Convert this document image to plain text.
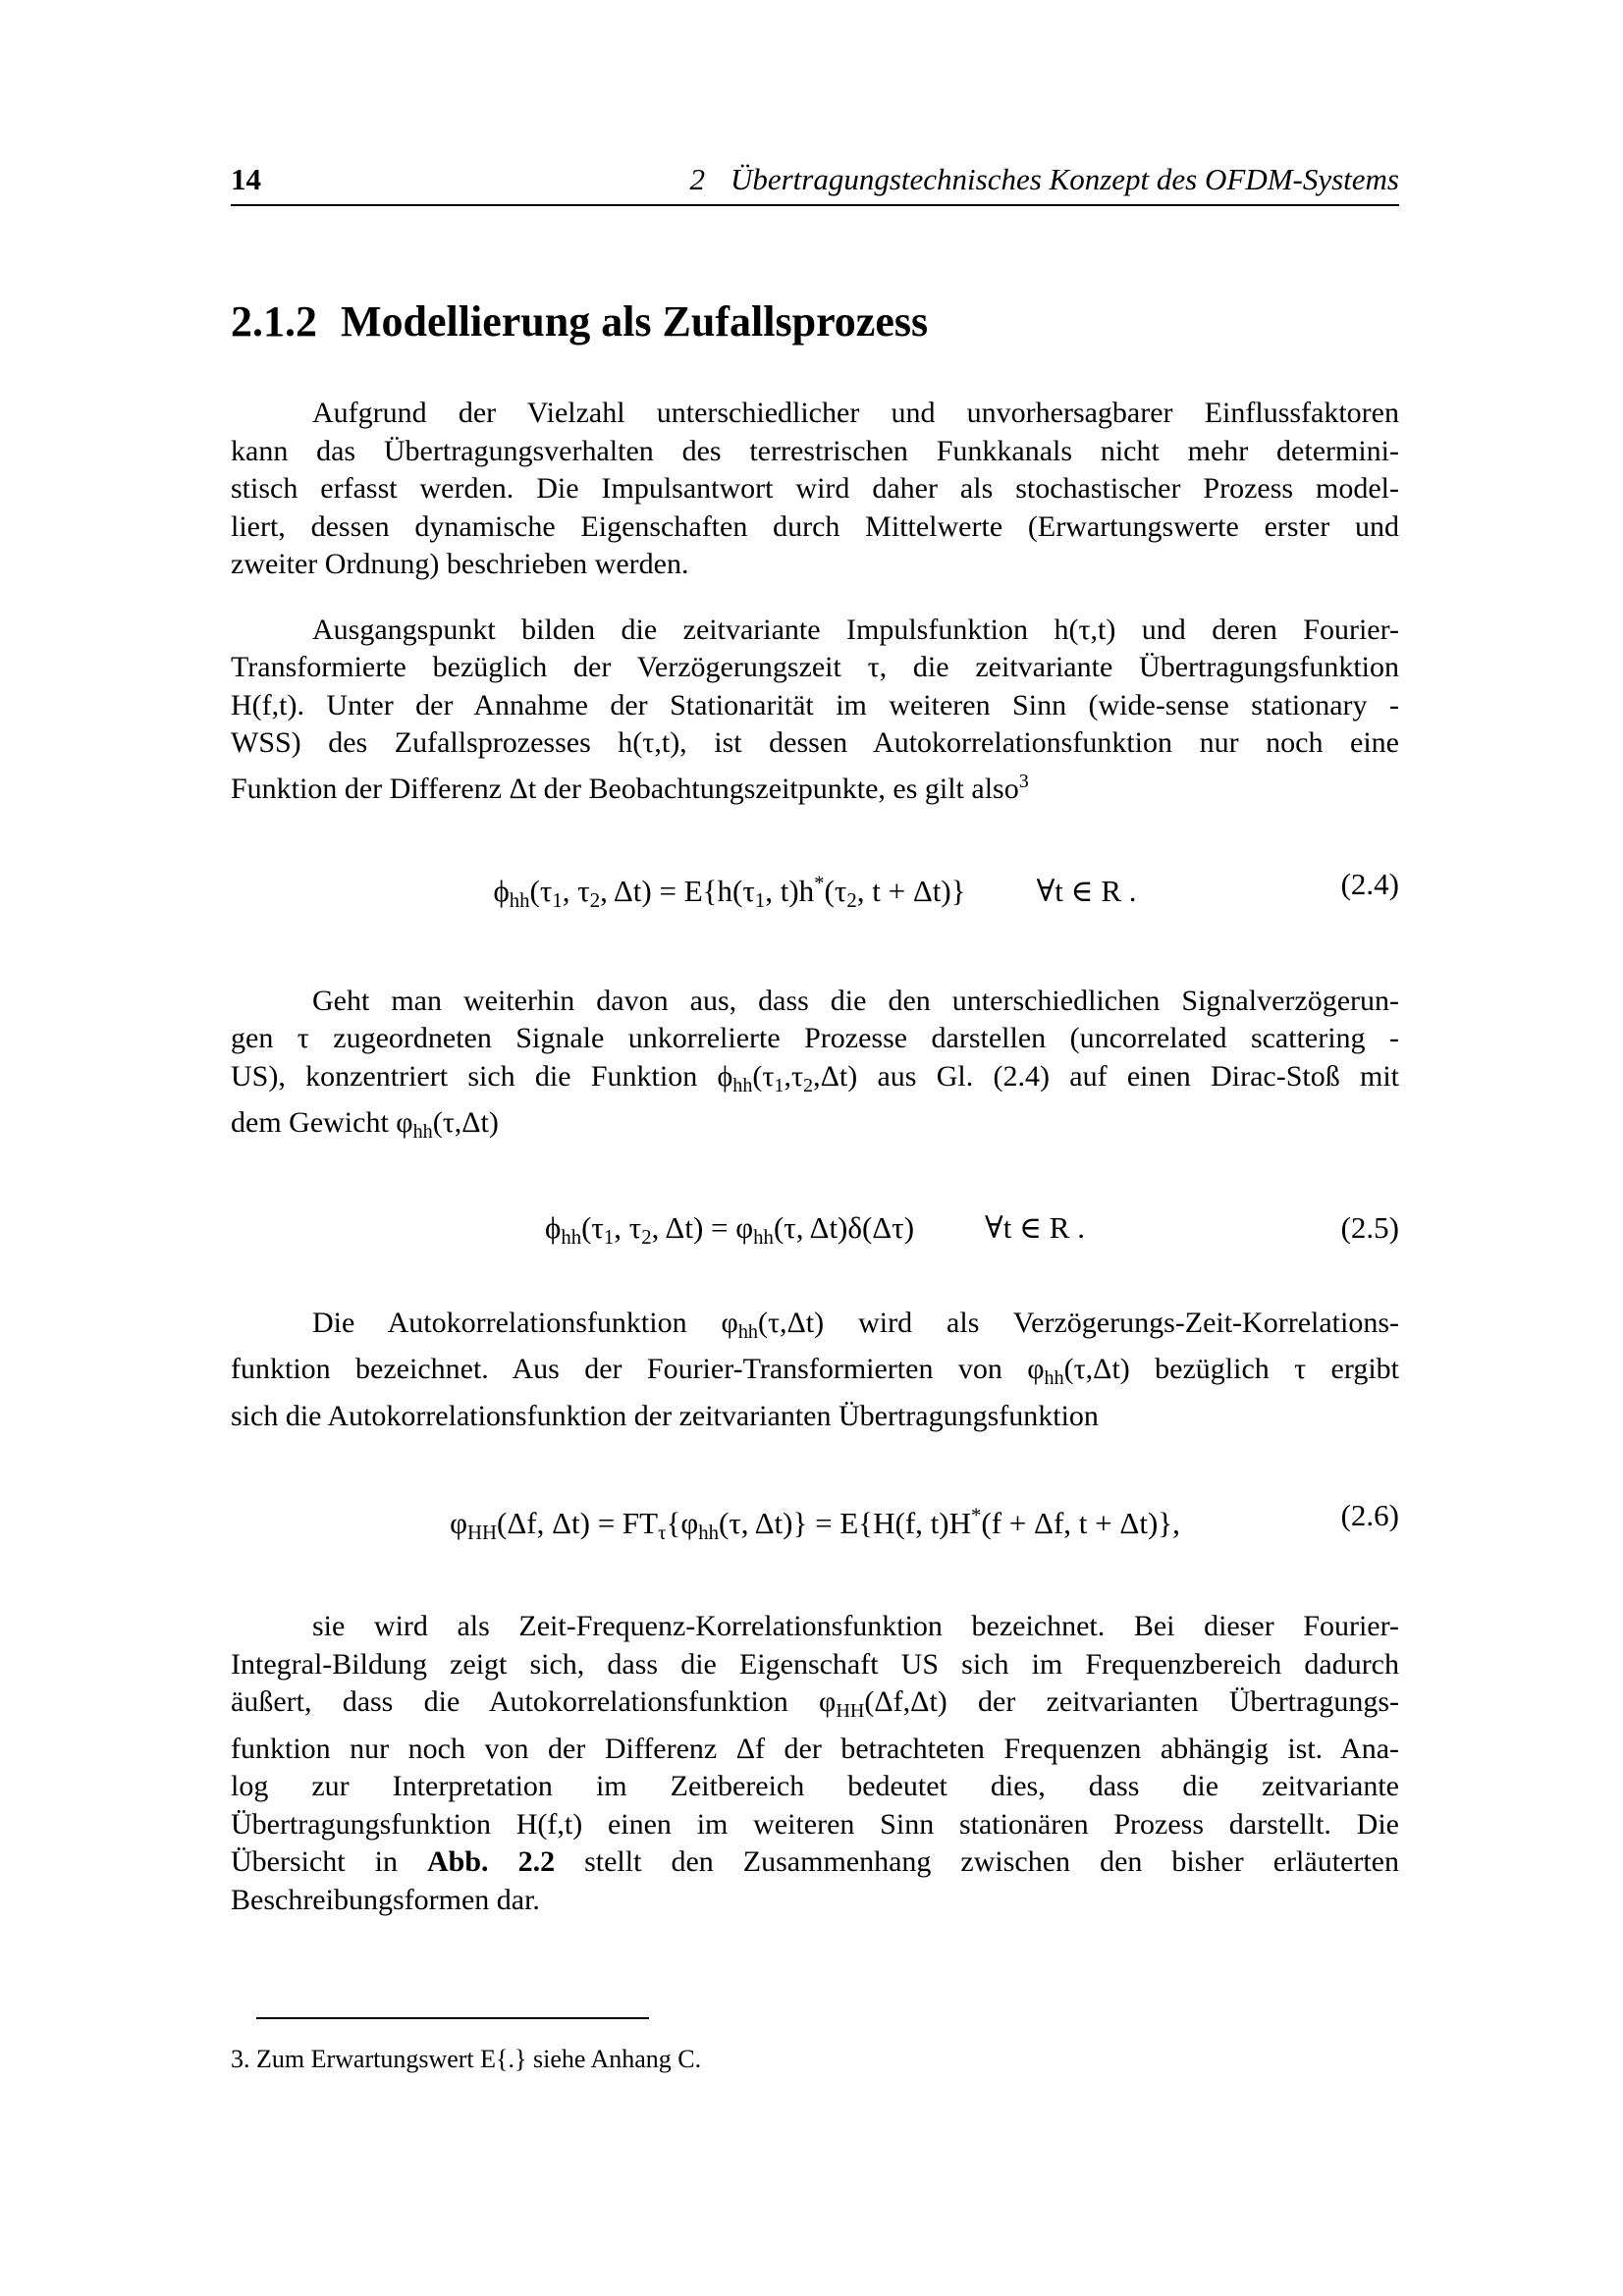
14	2 Übertragungstechnisches Konzept des OFDM-Systems
2.1.2 Modellierung als Zufallsprozess
Aufgrund der Vielzahl unterschiedlicher und unvorhersagbarer Einflussfaktoren
kann das Übertragungsverhalten des terrestrischen Funkkanals nicht mehr determini-
stisch erfasst werden. Die Impulsantwort wird daher als stochastischer Prozess model-
liert, dessen dynamische Eigenschaften durch Mittelwerte (Erwartungswerte erster und
zweiter Ordnung) beschrieben werden.
Ausgangspunkt bilden die zeitvariante Impulsfunktion h(τ,t) und deren Fourier-
Transformierte bezüglich der Verzögerungszeit τ, die zeitvariante Übertragungsfunktion
H(f,t). Unter der Annahme der Stationarität im weiteren Sinn (wide-sense stationary -
WSS) des Zufallsprozesses h(τ,t), ist dessen Autokorrelationsfunktion nur noch eine
Funktion der Differenz Δt der Beobachtungszeitpunkte, es gilt also$^3$
$\phi_{hh}(\tau_1$, $\tau_2$, $\Delta t) = E\{h(\tau_1$, $t)h^*(\tau_2$, t + Δt)} ∀t ∈ R .	(2.4)
Geht man weiterhin davon aus, dass die den unterschiedlichen Signalverzögerun-
gen τ zugeordneten Signale unkorrelierte Prozesse darstellen (uncorrelated scattering -
US), konzentriert sich die Funktion $\phi_{hh}(\tau_1,\tau_2,\Delta t)$ aus Gl. (2.4) auf einen Dirac-Stoß mit
dem Gewicht $\varphi_{hh}(\tau,\Delta t)$
$\phi_{hh}(\tau_1$, $\tau_2$, $\Delta t) = \varphi_{hh}(\tau$, Δt)δ(Δτ) ∀t ∈ R .	(2.5)
Die Autokorrelationsfunktion $\varphi_{hh}(\tau,\Delta t)$ wird als Verzögerungs-Zeit-Korrelations-
funktion bezeichnet. Aus der Fourier-Transformierten von $\varphi_{hh}(\tau,\Delta t)$ bezüglich τ ergibt
sich die Autokorrelationsfunktion der zeitvarianten Übertragungsfunktion
$\varphi_{HH}(\Delta f$, $\Delta t) = FT_\tau\{\varphi_{hh}(\tau$, Δt)} = E{H(f, t)H*(f + Δf, t + Δt)},	(2.6)
sie wird als Zeit-Frequenz-Korrelationsfunktion bezeichnet. Bei dieser Fourier-
Integral-Bildung zeigt sich, dass die Eigenschaft US sich im Frequenzbereich dadurch
äußert, dass die Autokorrelationsfunktion $\varphi_{HH}(\Delta f,\Delta t)$ der zeitvarianten Übertragungs-
funktion nur noch von der Differenz Δf der betrachteten Frequenzen abhängig ist. Ana-
log zur Interpretation im Zeitbereich bedeutet dies, dass die zeitvariante
Übertragungsfunktion H(f,t) einen im weiteren Sinn stationären Prozess darstellt. Die
Übersicht in Abb. 2.2 stellt den Zusammenhang zwischen den bisher erläuterten
Beschreibungsformen dar.
3. Zum Erwartungswert E{.} siehe Anhang C.
